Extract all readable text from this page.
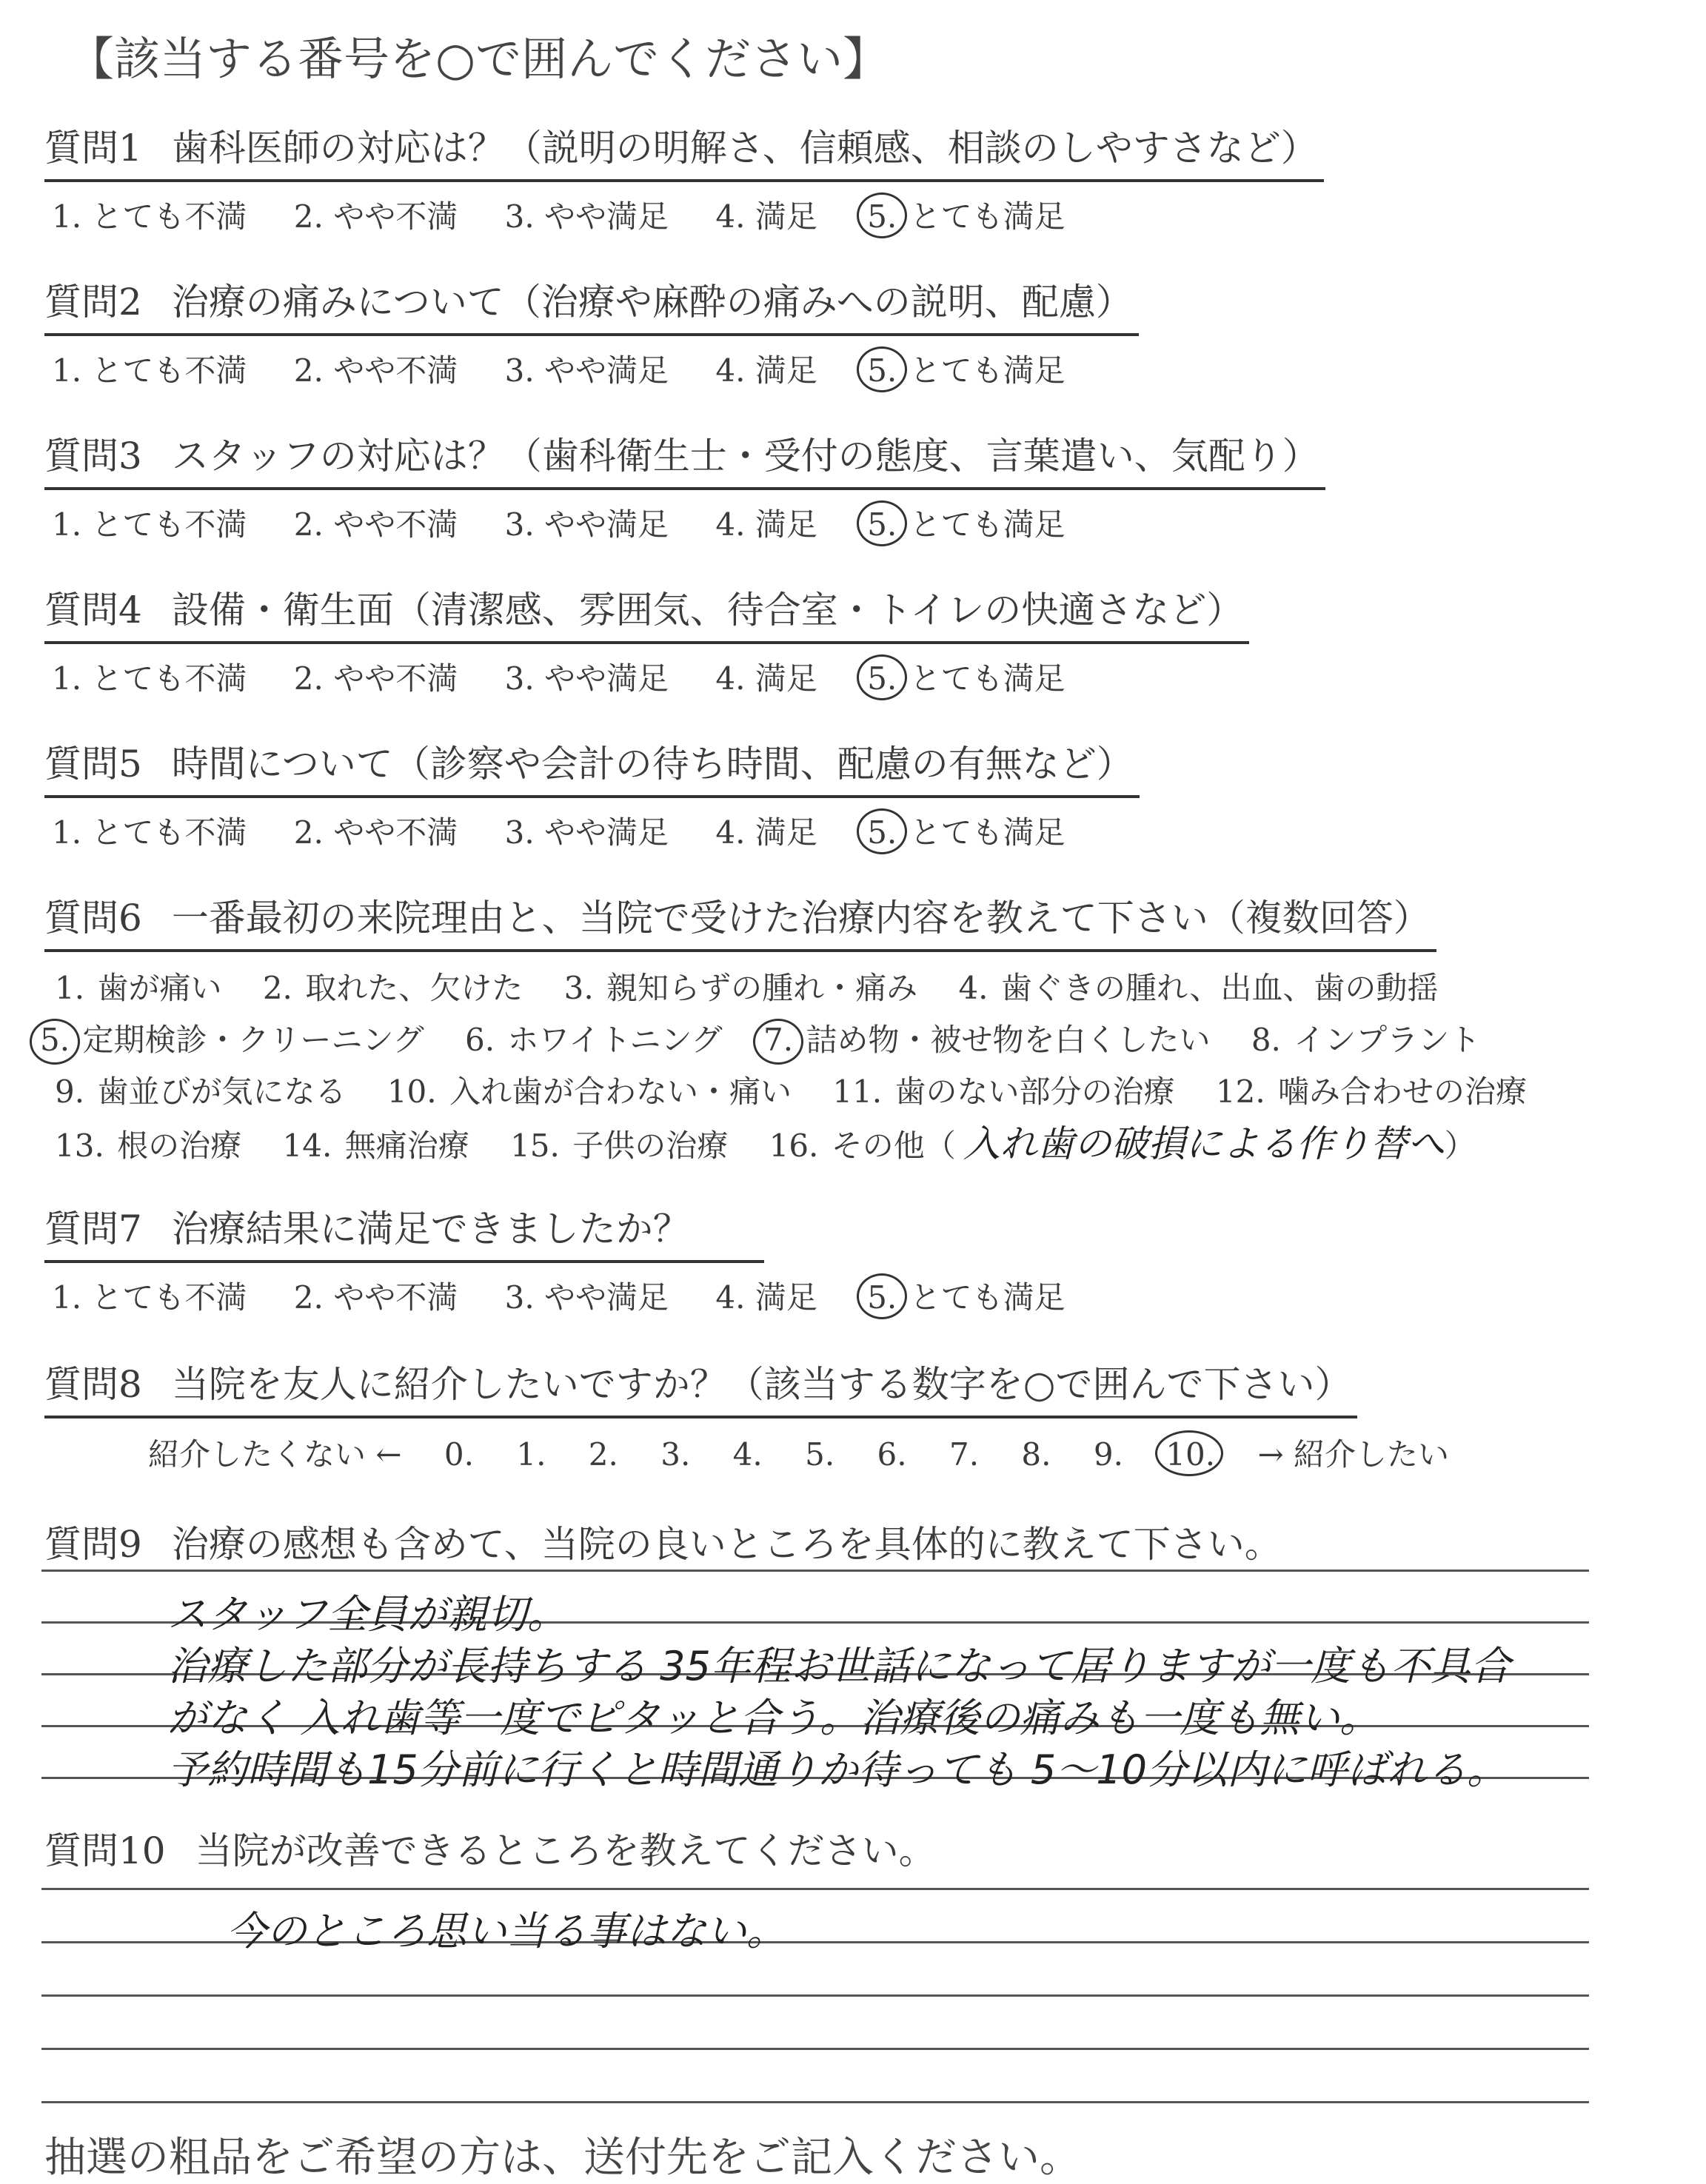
【該当する番号を○で囲んでください】
質問1 歯科医師の対応は？（説明の明解さ、信頼感、相談のしやすさなど）
1. とても不満 2. やや不満 3. やや満足 4. 満足 5. とても満足
質問2 治療の痛みについて（治療や麻酔の痛みへの説明、配慮）
1. とても不満 2. やや不満 3. やや満足 4. 満足 5. とても満足
質問3 スタッフの対応は？（歯科衛生士・受付の態度、言葉遣い、気配り）
1. とても不満 2. やや不満 3. やや満足 4. 満足 5. とても満足
質問4 設備・衛生面（清潔感、雰囲気、待合室・トイレの快適さなど）
1. とても不満 2. やや不満 3. やや満足 4. 満足 5. とても満足
質問5 時間について（診察や会計の待ち時間、配慮の有無など）
1. とても不満 2. やや不満 3. やや満足 4. 満足 5. とても満足
質問6 一番最初の来院理由と、当院で受けた治療内容を教えて下さい（複数回答）
1. 歯が痛い 2. 取れた、欠けた 3. 親知らずの腫れ・痛み 4. 歯ぐきの腫れ、出血、歯の動揺
5. 定期検診・クリーニング 6. ホワイトニング 7. 詰め物・被せ物を白くしたい 8. インプラント
9. 歯並びが気になる 10. 入れ歯が合わない・痛い 11. 歯のない部分の治療 12. 噛み合わせの治療
13. 根の治療 14. 無痛治療 15. 子供の治療 16. その他（ 入れ歯の破損による作り替へ）
質問7 治療結果に満足できましたか？
1. とても不満 2. やや不満 3. やや満足 4. 満足 5. とても満足
質問8 当院を友人に紹介したいですか？（該当する数字を○で囲んで下さい）
紹介したくない ← 0. 1. 2. 3. 4. 5. 6. 7. 8. 9. 10. → 紹介したい
質問9 治療の感想も含めて、当院の良いところを具体的に教えて下さい。
スタッフ全員が親切。
治療した部分が長持ちする 35年程お世話になって居りますが一度も不具合
がなく 入れ歯等一度でピタッと合う。治療後の痛みも一度も無い。
予約時間も15分前に行くと時間通りか待っても 5～10分以内に呼ばれる。
質問10 当院が改善できるところを教えてください。
今のところ思い当る事はない。
抽選の粗品をご希望の方は、送付先をご記入ください。
